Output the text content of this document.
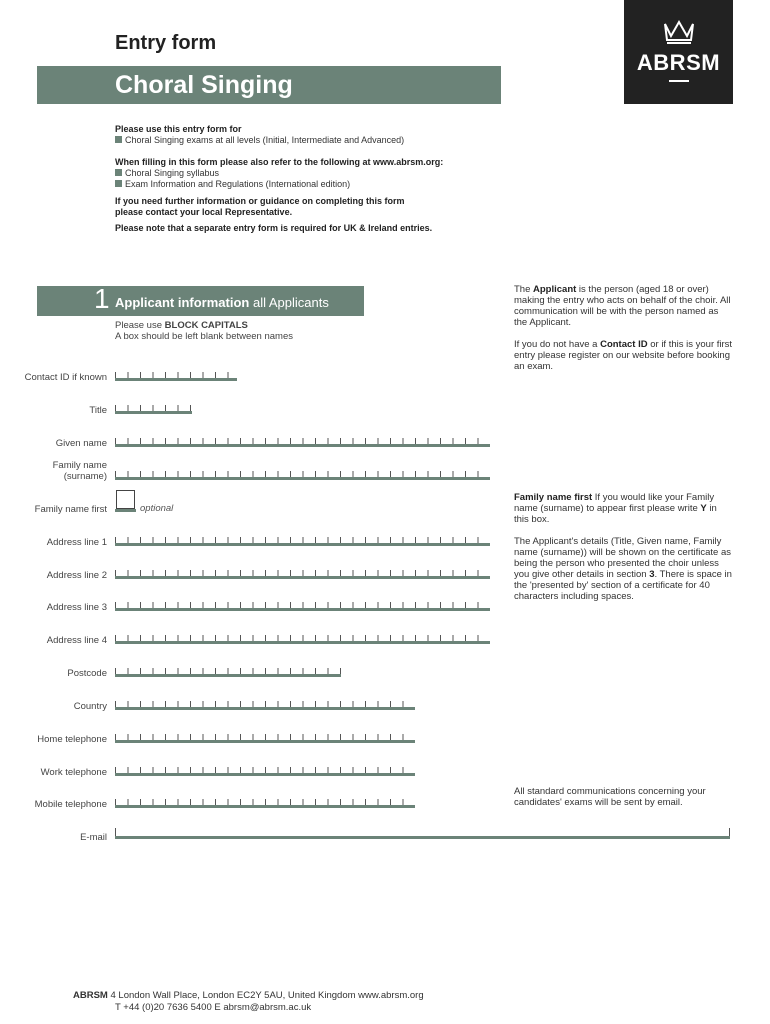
ABRSM
Entry form
Choral Singing
Please use this entry form for
Choral Singing exams at all levels (Initial, Intermediate and Advanced)
When filling in this form please also refer to the following at www.abrsm.org:
Choral Singing syllabus
Exam Information and Regulations (International edition)
If you need further information or guidance on completing this form
please contact your local Representative.
Please note that a separate entry form is required for UK & Ireland entries.
1 Applicant information all Applicants
Please use BLOCK CAPITALS
A box should be left blank between names
Contact ID if known
Title
Given name
Family name
(surname)
Family name first
Address line 1
Address line 2
Address line 3
Address line 4
Postcode
Country
Home telephone
Work telephone
Mobile telephone
E-mail
optional
The Applicant is the person (aged 18 or over) making the entry who acts on behalf of the choir. All communication will be with the person named as the Applicant.
If you do not have a Contact ID or if this is your first entry please register on our website before booking an exam.
Family name first If you would like your Family name (surname) to appear first please write Y in this box.
The Applicant's details (Title, Given name, Family name (surname)) will be shown on the certificate as being the person who presented the choir unless you give other details in section 3. There is space in the 'presented by' section of a certificate for 40 characters including spaces.
All standard communications concerning your candidates' exams will be sent by email.
ABRSM 4 London Wall Place, London EC2Y 5AU, United Kingdom www.abrsm.org
T +44 (0)20 7636 5400 E abrsm@abrsm.ac.uk
